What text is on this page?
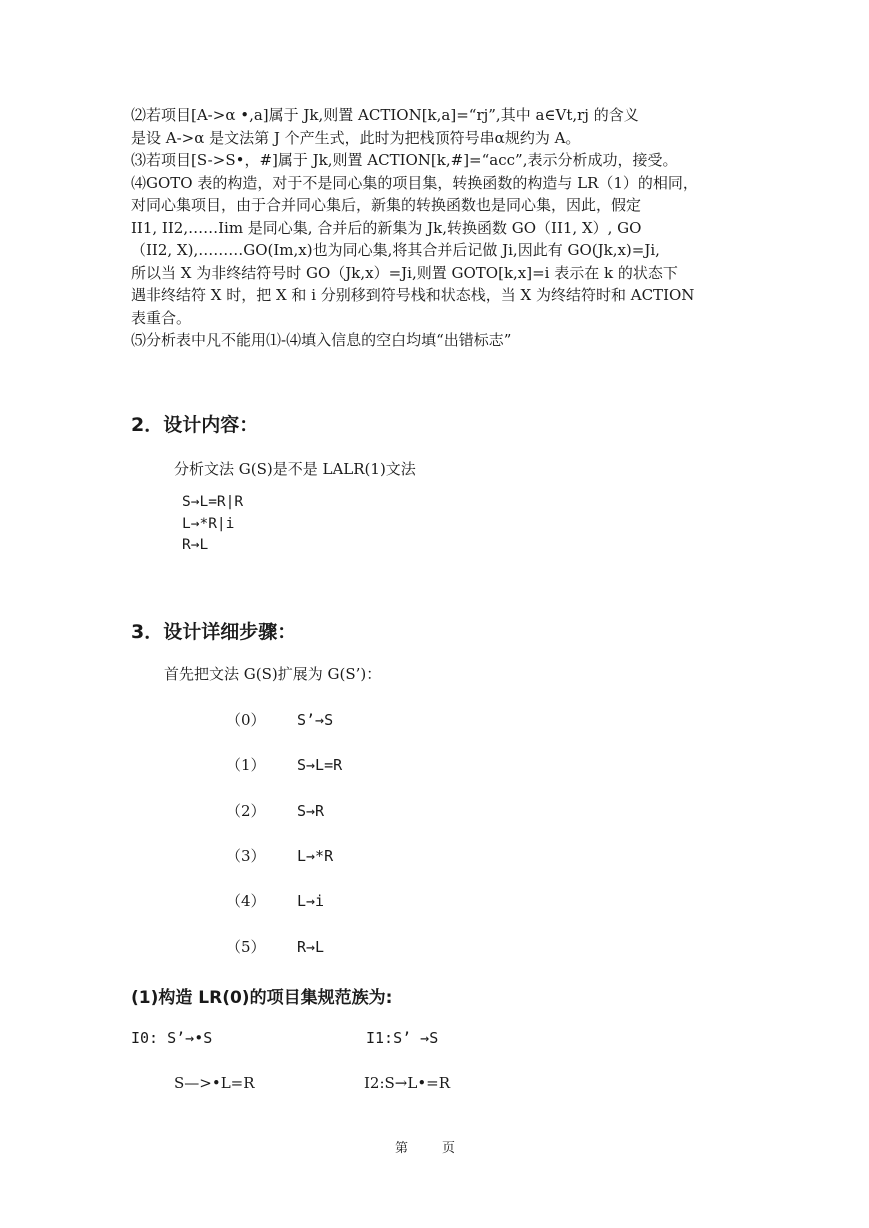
⑵若项目[A->α •,a]属于 Jk,则置 ACTION[k,a]=“rj”,其中 a∈Vt,rj 的含义
是设 A->α 是文法第 J 个产生式，此时为把栈顶符号串α规约为 A。
⑶若项目[S->S•，#]属于 Jk,则置 ACTION[k,#]=“acc”,表示分析成功，接受。
⑷GOTO 表的构造，对于不是同心集的项目集，转换函数的构造与 LR（1）的相同，
对同心集项目，由于合并同心集后，新集的转换函数也是同心集，因此，假定
II1, II2,……Iim 是同心集, 合并后的新集为 Jk,转换函数 GO（II1, X）, GO
（II2, X),………GO(Im,x)也为同心集,将其合并后记做 Ji,因此有 GO(Jk,x)=Ji,
所以当 X 为非终结符号时 GO（Jk,x）=Ji,则置 GOTO[k,x]=i 表示在 k 的状态下
遇非终结符 X 时，把 X 和 i 分别移到符号栈和状态栈，当 X 为终结符时和 ACTION
表重合。
⑸分析表中凡不能用⑴-⑷填入信息的空白均填“出错标志”
2．设计内容：

分析文法 G(S)是不是 LALR(1)文法

S→L=R|R
L→*R|i
R→L
3．设计详细步骤：

首先把文法 G(S)扩展为 G(S’)：

（0） S’→S
（1） S→L=R
（2） S→R
（3） L→*R
（4） L→i
（5） R→L
(1)构造 LR(0)的项目集规范族为:

I0: S’→•S	I1:S’ →S

S—>•L=R	I2:S→L•=R

第	页
